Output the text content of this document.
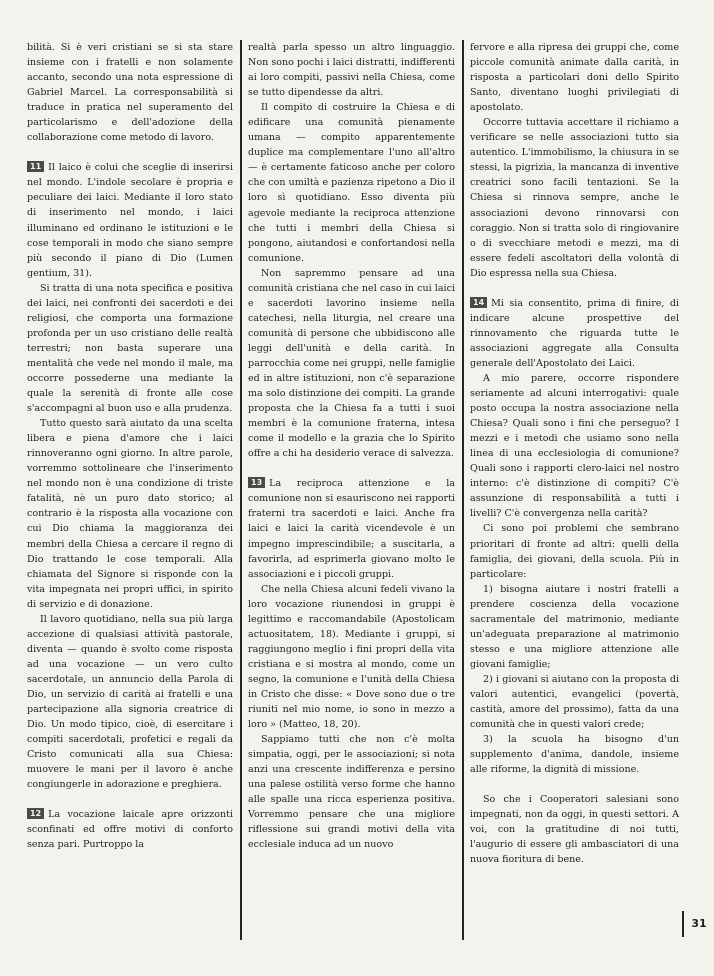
bilità. Si è veri cristiani se si sta stare insieme con i fratelli e non solamente accanto, secondo una nota espressione di Gabriel Marcel. La corresponsabilità si traduce in pratica nel superamento del particolarismo e dell'adozione della collaborazione come metodo di lavoro.

11 Il laico è colui che sceglie di inserirsi nel mondo. L'indole secolare è propria e peculiare dei laici. Mediante il loro stato di inserimento nel mondo, i laici illuminano ed ordinano le istituzioni e le cose temporali in modo che siano sempre più secondo il piano di Dio (Lumen gentium, 31).

Si tratta di una nota specifica e positiva dei laici, nei confronti dei sacerdoti e dei religiosi, che comporta una formazione profonda per un uso cristiano delle realtà terrestri; non basta superare una mentalità che vede nel mondo il male, ma occorre possederne una mediante la quale la serenità di fronte alle cose s'accompagni al buon uso e alla prudenza.

Tutto questo sarà aiutato da una scelta libera e piena d'amore che i laici rinnoveranno ogni giorno. In altre parole, vorremmo sottolineare che l'inserimento nel mondo non è una condizione di triste fatalità, nè un puro dato storico; al contrario è la risposta alla vocazione con cui Dio chiama la maggioranza dei membri della Chiesa a cercare il regno di Dio trattando le cose temporali. Alla chiamata del Signore si risponde con la vita impegnata nei propri uffici, in spirito di servizio e di donazione.

Il lavoro quotidiano, nella sua più larga accezione di qualsiasi attività pastorale, diventa — quando è svolto come risposta ad una vocazione — un vero culto sacerdotale, un annuncio della Parola di Dio, un servizio di carità ai fratelli e una partecipazione alla signoria creatrice di Dio. Un modo tipico, cioè, di esercitare i compiti sacerdotali, profetici e regali da Cristo comunicati alla sua Chiesa: muovere le mani per il lavoro è anche congiungerle in adorazione e preghiera.

12 La vocazione laicale apre orizzonti sconfinati ed offre motivi di conforto senza pari. Purtroppo la

realtà parla spesso un altro linguaggio. Non sono pochi i laici distratti, indifferenti ai loro compiti, passivi nella Chiesa, come se tutto dipendesse da altri.

Il compito di costruire la Chiesa e di edificare una comunità pienamente umana — compito apparentemente duplice ma complementare l'uno all'altro — è certamente faticoso anche per coloro che con umiltà e pazienza ripetono a Dio il loro sì quotidiano. Esso diventa più agevole mediante la reciproca attenzione che tutti i membri della Chiesa si pongono, aiutandosi e confortandosi nella comunione.

Non sapremmo pensare ad una comunità cristiana che nel caso in cui laici e sacerdoti lavorino insieme nella catechesi, nella liturgia, nel creare una comunità di persone che ubbidiscono alle leggi dell'unità e della carità. In parrocchia come nei gruppi, nelle famiglie ed in altre istituzioni, non c'è separazione ma solo distinzione dei compiti. La grande proposta che la Chiesa fa a tutti i suoi membri è la comunione fraterna, intesa come il modello e la grazia che lo Spirito offre a chi ha desiderio verace di salvezza.

13 La reciproca attenzione e la comunione non si esauriscono nei rapporti fraterni tra sacerdoti e laici. Anche fra laici e laici la carità vicendevole è un impegno imprescindibile; a suscitarla, a favorirla, ad esprimerla giovano molto le associazioni e i piccoli gruppi.

Che nella Chiesa alcuni fedeli vivano la loro vocazione riunendosi in gruppi è legittimo e raccomandabile (Apostolicam actuositatem, 18). Mediante i gruppi, si raggiungono meglio i fini propri della vita cristiana e si mostra al mondo, come un segno, la comunione e l'unità della Chiesa in Cristo che disse: « Dove sono due o tre riuniti nel mio nome, io sono in mezzo a loro » (Matteo, 18, 20).

Sappiamo tutti che non c'è molta simpatia, oggi, per le associazioni; si nota anzi una crescente indifferenza e persino una palese ostilità verso forme che hanno alle spalle una ricca esperienza positiva. Vorremmo pensare che una migliore riflessione sui grandi motivi della vita ecclesiale induca ad un nuovo

fervore e alla ripresa dei gruppi che, come piccole comunità animate dalla carità, in risposta a particolari doni dello Spirito Santo, diventano luoghi privilegiati di apostolato.

Occorre tuttavia accettare il richiamo a verificare se nelle associazioni tutto sia autentico. L'immobilismo, la chiusura in se stessi, la pigrizia, la mancanza di inventive creatrici sono facili tentazioni. Se la Chiesa si rinnova sempre, anche le associazioni devono rinnovarsi con coraggio. Non si tratta solo di ringiovanire o di svecchiare metodi e mezzi, ma di essere fedeli ascoltatori della volontà di Dio espressa nella sua Chiesa.

14 Mi sia consentito, prima di finire, di indicare alcune prospettive del rinnovamento che riguarda tutte le associazioni aggregate alla Consulta generale dell'Apostolato dei Laici.

A mio parere, occorre rispondere seriamente ad alcuni interrogativi: quale posto occupa la nostra associazione nella Chiesa? Quali sono i fini che perseguo? I mezzi e i metodi che usiamo sono nella linea di una ecclesiologia di comunione? Quali sono i rapporti clero-laici nel nostro interno: c'è distinzione di compiti? C'è assunzione di responsabilità a tutti i livelli? C'è convergenza nella carità?

Ci sono poi problemi che sembrano prioritari di fronte ad altri: quelli della famiglia, dei giovani, della scuola. Più in particolare:

1) bisogna aiutare i nostri fratelli a prendere coscienza della vocazione sacramentale del matrimonio, mediante un'adeguata preparazione al matrimonio stesso e una migliore attenzione alle giovani famiglie;

2) i giovani si aiutano con la proposta di valori autentici, evangelici (povertà, castità, amore del prossimo), fatta da una comunità che in questi valori crede;

3) la scuola ha bisogno d'un supplemento d'anima, dandole, insieme alle riforme, la dignità di missione.

So che i Cooperatori salesiani sono impegnati, non da oggi, in questi settori. A voi, con la gratitudine di noi tutti, l'augurio di essere gli ambasciatori di una nuova fioritura di bene.

31
